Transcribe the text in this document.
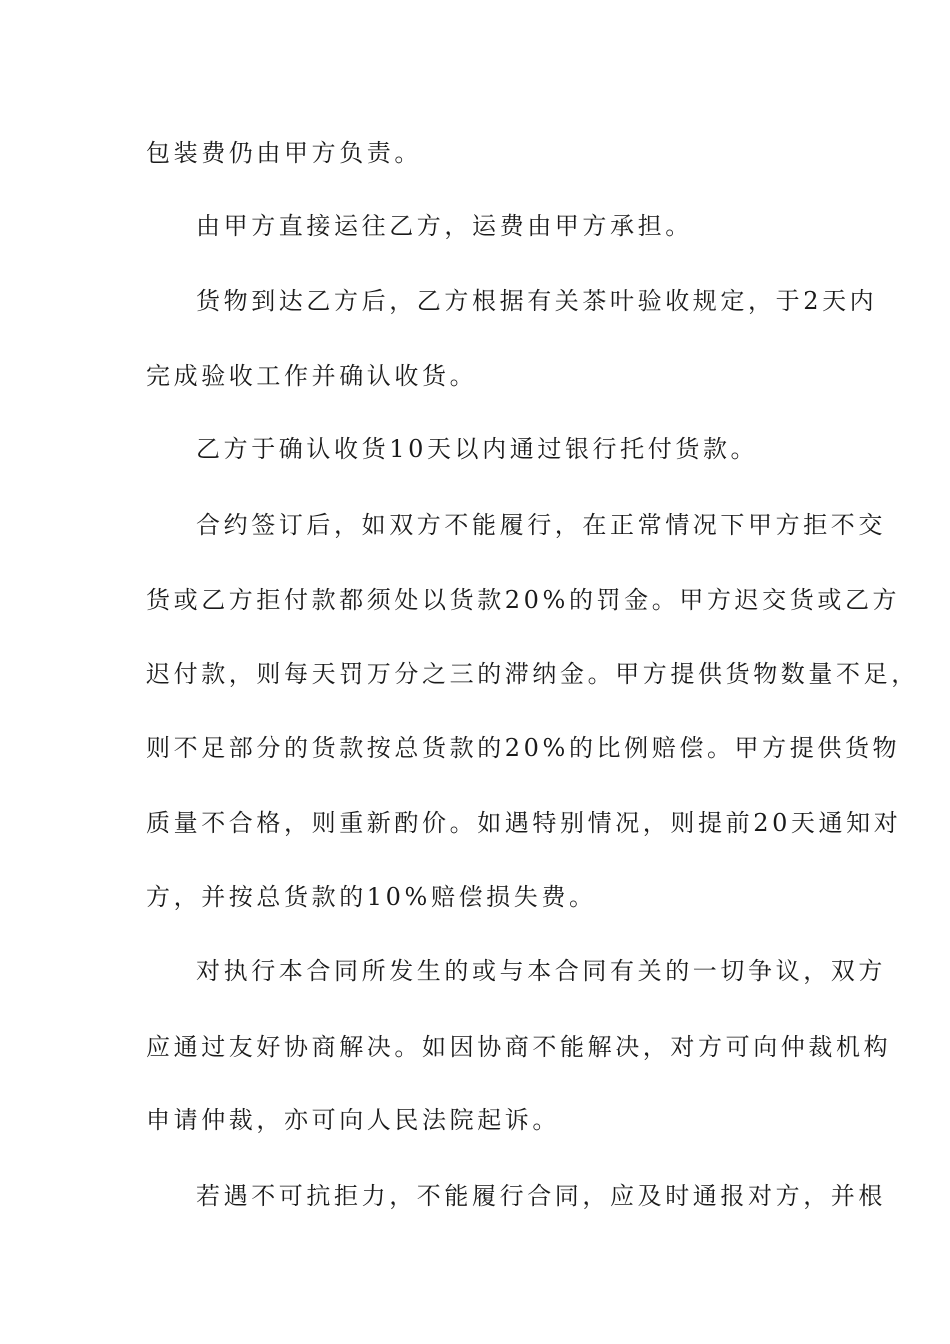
包装费仍由甲方负责。
由甲方直接运往乙方，运费由甲方承担。
货物到达乙方后，乙方根据有关茶叶验收规定，于2天内
完成验收工作并确认收货。
乙方于确认收货10天以内通过银行托付货款。
合约签订后，如双方不能履行，在正常情况下甲方拒不交
货或乙方拒付款都须处以货款20%的罚金。甲方迟交货或乙方
迟付款，则每天罚万分之三的滞纳金。甲方提供货物数量不足，
则不足部分的货款按总货款的20%的比例赔偿。甲方提供货物
质量不合格，则重新酌价。如遇特别情况，则提前20天通知对
方，并按总货款的10%赔偿损失费。
对执行本合同所发生的或与本合同有关的一切争议，双方
应通过友好协商解决。如因协商不能解决，对方可向仲裁机构
申请仲裁，亦可向人民法院起诉。
若遇不可抗拒力，不能履行合同，应及时通报对方，并根
